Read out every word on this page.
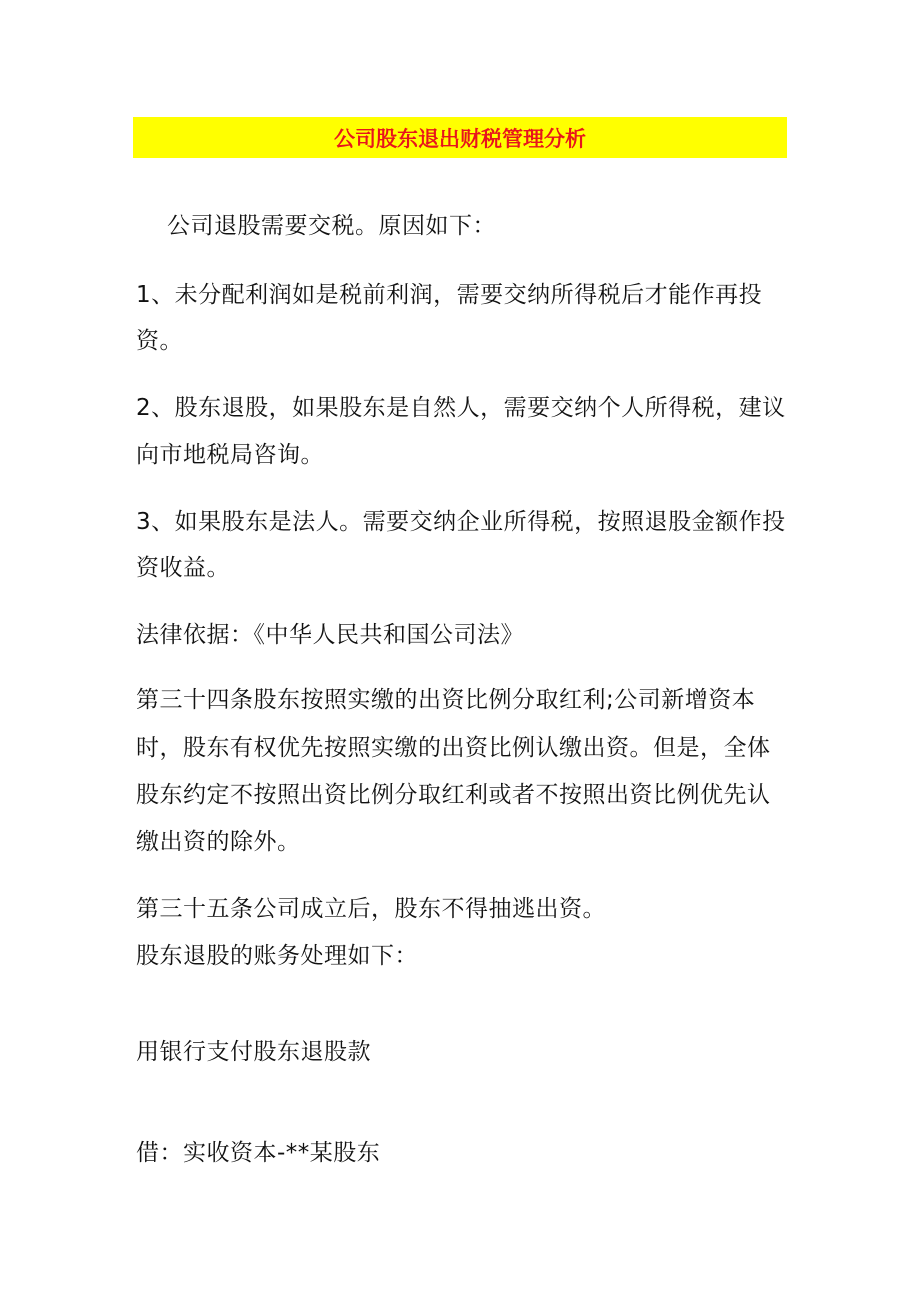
公司股东退出财税管理分析
公司退股需要交税。原因如下：
1、未分配利润如是税前利润，需要交纳所得税后才能作再投
资。
2、股东退股，如果股东是自然人，需要交纳个人所得税，建议
向市地税局咨询。
3、如果股东是法人。需要交纳企业所得税，按照退股金额作投
资收益。
法律依据：《中华人民共和国公司法》
第三十四条股东按照实缴的出资比例分取红利;公司新增资本
时，股东有权优先按照实缴的出资比例认缴出资。但是，全体
股东约定不按照出资比例分取红利或者不按照出资比例优先认
缴出资的除外。
第三十五条公司成立后，股东不得抽逃出资。
股东退股的账务处理如下：
用银行支付股东退股款
借：实收资本-**某股东
